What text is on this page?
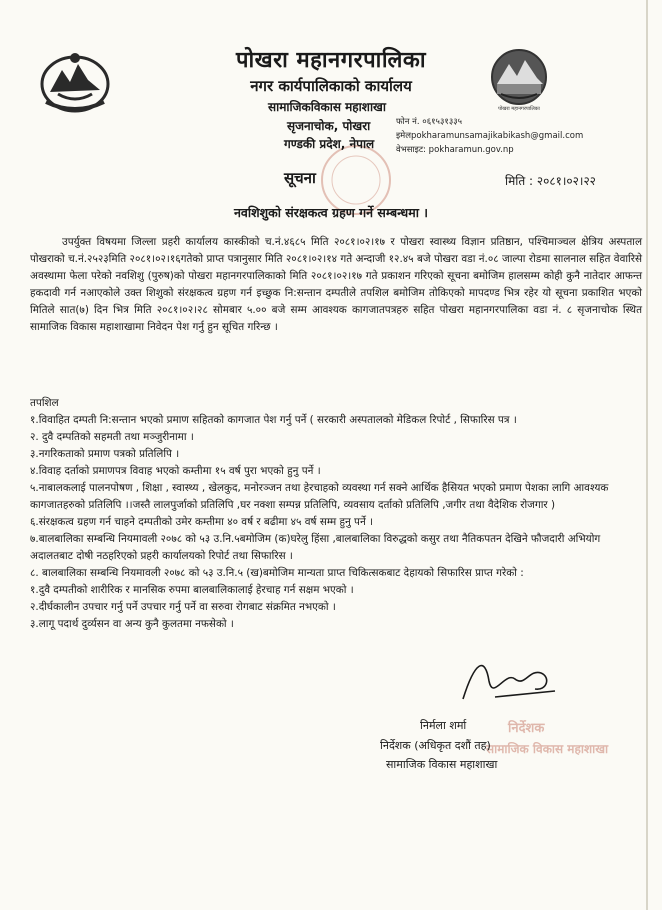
पोखरा महानगरपालिका
पोखरा महानगरपालिका
नगर कार्यपालिकाको कार्यालय
सामाजिकविकास महाशाखा
सृजनाचोक, पोखरा
गण्डकी प्रदेश, नेपाल
फोन नं. ०६१५३१३३५
इमेलpokharamunsamajikabikash@gmail.com
वेभसाइट: pokharamun.gov.np
सूचना	मिति : २०८१।०२।२२
नवशिशुको संरक्षकत्व ग्रहण गर्ने सम्बन्धमा ।
उपर्युक्त विषयमा जिल्ला प्रहरी कार्यालय कास्कीको च.नं.४६८५ मिति २०८१।०२।१७ र पोखरा स्वास्थ्य विज्ञान प्रतिष्ठान, पश्चिमाञ्चल क्षेत्रिय अस्पताल पोखराको च.नं.२५२३मिति २०८१।०२।१६गतेको प्राप्त पत्रानुसार मिति २०८१।०२।१४ गते अन्दाजी १२.४५ बजे पोखरा वडा नं.०८ जाल्पा रोडमा सालनाल सहित वेवारिसे अवस्थामा फेला परेको नवशिशु (पुरुष)को पोखरा महानगरपालिकाको मिति २०८१।०२।१७ गते प्रकाशन गरिएको सूचना बमोजिम हालसम्म कोही कुनै नातेदार आफन्त हकदावी गर्न नआएकोले उक्त शिशुको संरक्षकत्व ग्रहण गर्न इच्छुक नि:सन्तान दम्पतीले तपशिल बमोजिम तोकिएको मापदण्ड भित्र रहेर यो सूचना प्रकाशित भएको मितिले सात(७) दिन भित्र मिति २०८१।०२।२८ सोमबार ५.०० बजे सम्म आवश्यक कागजातपत्रहरु सहित पोखरा महानगरपालिका वडा नं. ८ सृजनाचोक स्थित सामाजिक विकास महाशाखामा निवेदन पेश गर्नु हुन सूचित गरिन्छ ।
तपशिल
१.विवाहित दम्पती नि:सन्तान भएको प्रमाण सहितको कागजात पेश गर्नु पर्ने ( सरकारी अस्पतालको मेडिकल रिपोर्ट , सिफारिस पत्र ।
२. दुवै दम्पतिको सहमती तथा मञ्जुरीनामा ।
३.नगरिकताको प्रमाण पत्रको प्रतिलिपि ।
४.विवाह दर्ताको प्रमाणपत्र विवाह भएको कम्तीमा १५ वर्ष पुरा भएको हुनु पर्ने ।
५.नाबालकलाई पालनपोषण , शिक्षा , स्वास्थ्य , खेलकुद, मनोरञ्जन तथा हेरचाहको व्यवस्था गर्न सक्ने आर्थिक हैसियत भएको प्रमाण पेशका लागि आवश्यक कागजातहरुको प्रतिलिपि ।।जस्तै लालपुर्जाको प्रतिलिपि ,घर नक्शा सम्पन्न प्रतिलिपि, व्यवसाय दर्ताको प्रतिलिपि ,जगीर तथा वैदेशिक रोजगार )
६.संरक्षकत्व ग्रहण गर्न चाहने दम्पतीको उमेर कम्तीमा ४० वर्ष र बढीमा ४५ वर्ष सम्म हुनु पर्ने ।
७.बालबालिका सम्बन्धि नियमावली २०७८ को ५३ उ.नि.५बमोजिम (क)घरेलु हिंसा ,बालबालिका विरुद्धको कसुर तथा नैतिकपतन देखिने फौजदारी अभियोग अदालतबाट दोषी नठहरिएको प्रहरी कार्यालयको रिपोर्ट तथा सिफारिस ।
८. बालबालिका सम्बन्धि नियमावली २०७८ को ५३ उ.नि.५ (ख)बमोजिम मान्यता प्राप्त चिकित्सकबाट देहायको सिफारिस प्राप्त गरेको :
१.दुवै दम्पतीको शारीरिक र मानसिक रुपमा बालबालिकालाई हेरचाह गर्न सक्षम भएको ।
२.दीर्घकालीन उपचार गर्नु पर्ने उपचार गर्नु पर्ने वा सरुवा रोगबाट संक्रमित नभएको ।
३.लागू पदार्थ दुर्व्यसन वा अन्य कुनै कुलतमा नफसेको ।
निर्देशक
सामाजिक विकास महाशाखा
निर्मला शर्मा
निर्देशक (अधिकृत दशौं तह)
सामाजिक विकास महाशाखा
